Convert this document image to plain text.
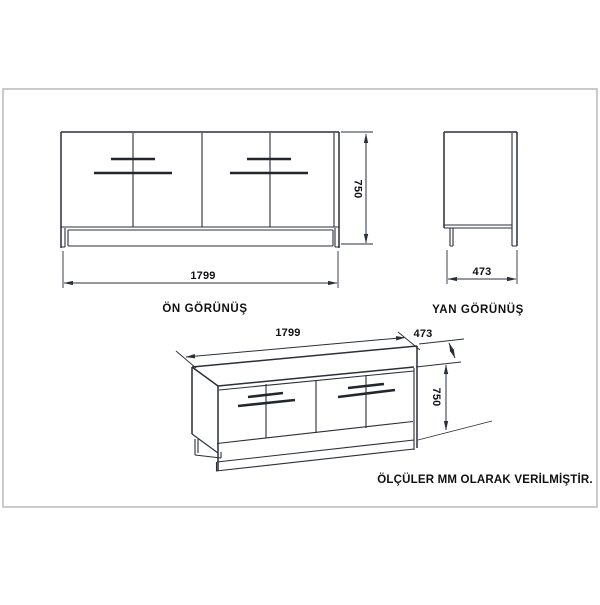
1799
750
ÖN GÖRÜNÜŞ
473
YAN GÖRÜNÜŞ
1799	473
750
ÖLÇÜLER MM OLARAK VERİLMİŞTİR.
